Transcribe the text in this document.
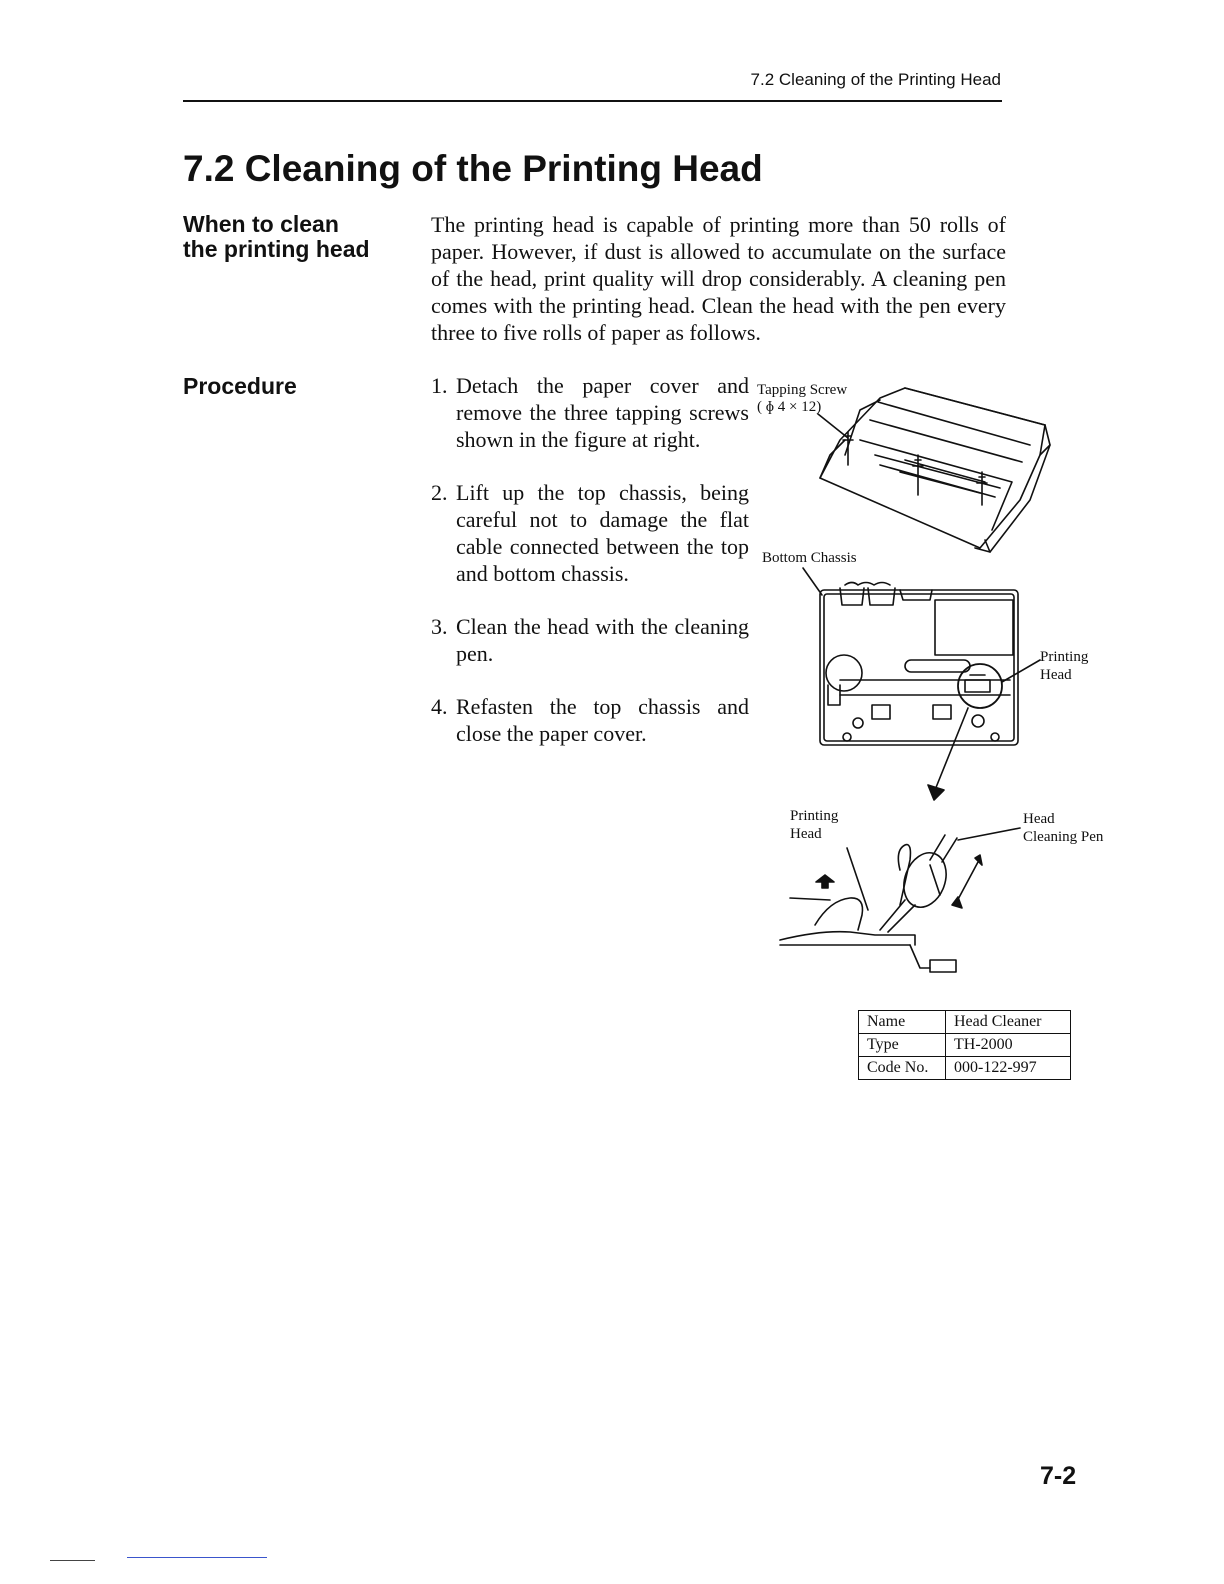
7.2 Cleaning of the Printing Head
7.2 Cleaning of the Printing Head
When to clean
the printing head
The printing head is capable of printing more than 50 rolls of paper. However, if dust is allowed to accumulate on the surface of the head, print quality will drop considerably. A cleaning pen comes with the printing head. Clean the head with the pen every three to five rolls of paper as follows.
Procedure	1. Detach the paper cover and remove the three tapping screws shown in the figure at right.
2. Lift up the top chassis, being careful not to damage the flat cable connected between the top and bottom chassis.
3. Clean the head with the cleaning pen.
4. Refasten the top chassis and close the paper cover.
Tapping Screw
( ɸ 4 × 12)
Bottom Chassis
Printing
Head
Printing
Head
Head
Cleaning Pen
Name	Head Cleaner
Type	TH-2000
Code No.	000-122-997
7-2
